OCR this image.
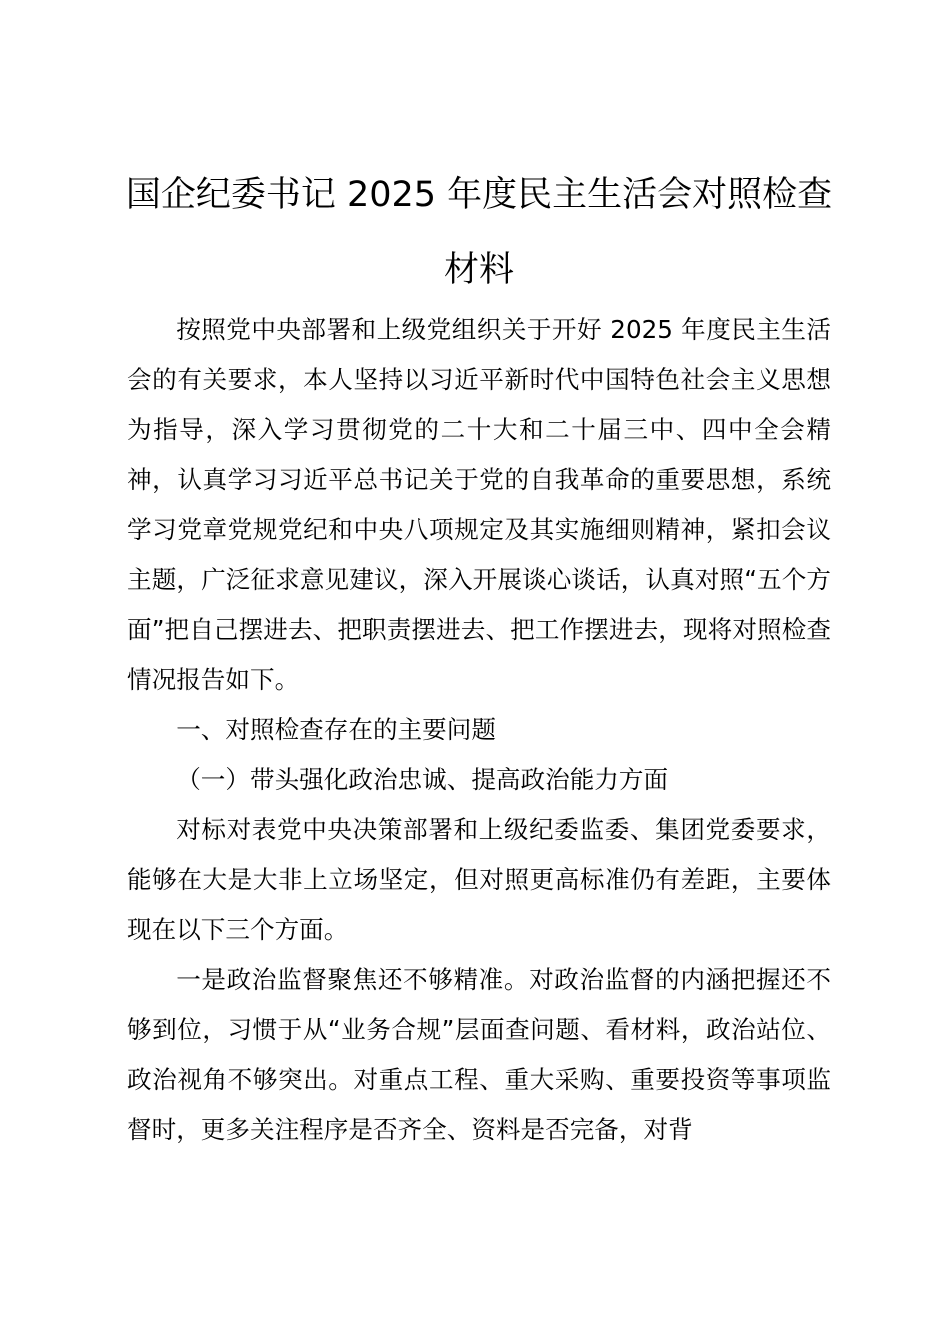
国企纪委书记 2025 年度民主生活会对照检查
材料

按照党中央部署和上级党组织关于开好 2025 年度民主生活会的有关要求，本人坚持以习近平新时代中国特色社会主义思想为指导，深入学习贯彻党的二十大和二十届三中、四中全会精神，认真学习习近平总书记关于党的自我革命的重要思想，系统学习党章党规党纪和中央八项规定及其实施细则精神，紧扣会议主题，广泛征求意见建议，深入开展谈心谈话，认真对照“五个方面”把自己摆进去、把职责摆进去、把工作摆进去，现将对照检查情况报告如下。

一、对照检查存在的主要问题

（一）带头强化政治忠诚、提高政治能力方面

对标对表党中央决策部署和上级纪委监委、集团党委要求，能够在大是大非上立场坚定，但对照更高标准仍有差距，主要体现在以下三个方面。

一是政治监督聚焦还不够精准。对政治监督的内涵把握还不够到位，习惯于从“业务合规”层面查问题、看材料，政治站位、政治视角不够突出。对重点工程、重大采购、重要投资等事项监督时，更多关注程序是否齐全、资料是否完备，对背
